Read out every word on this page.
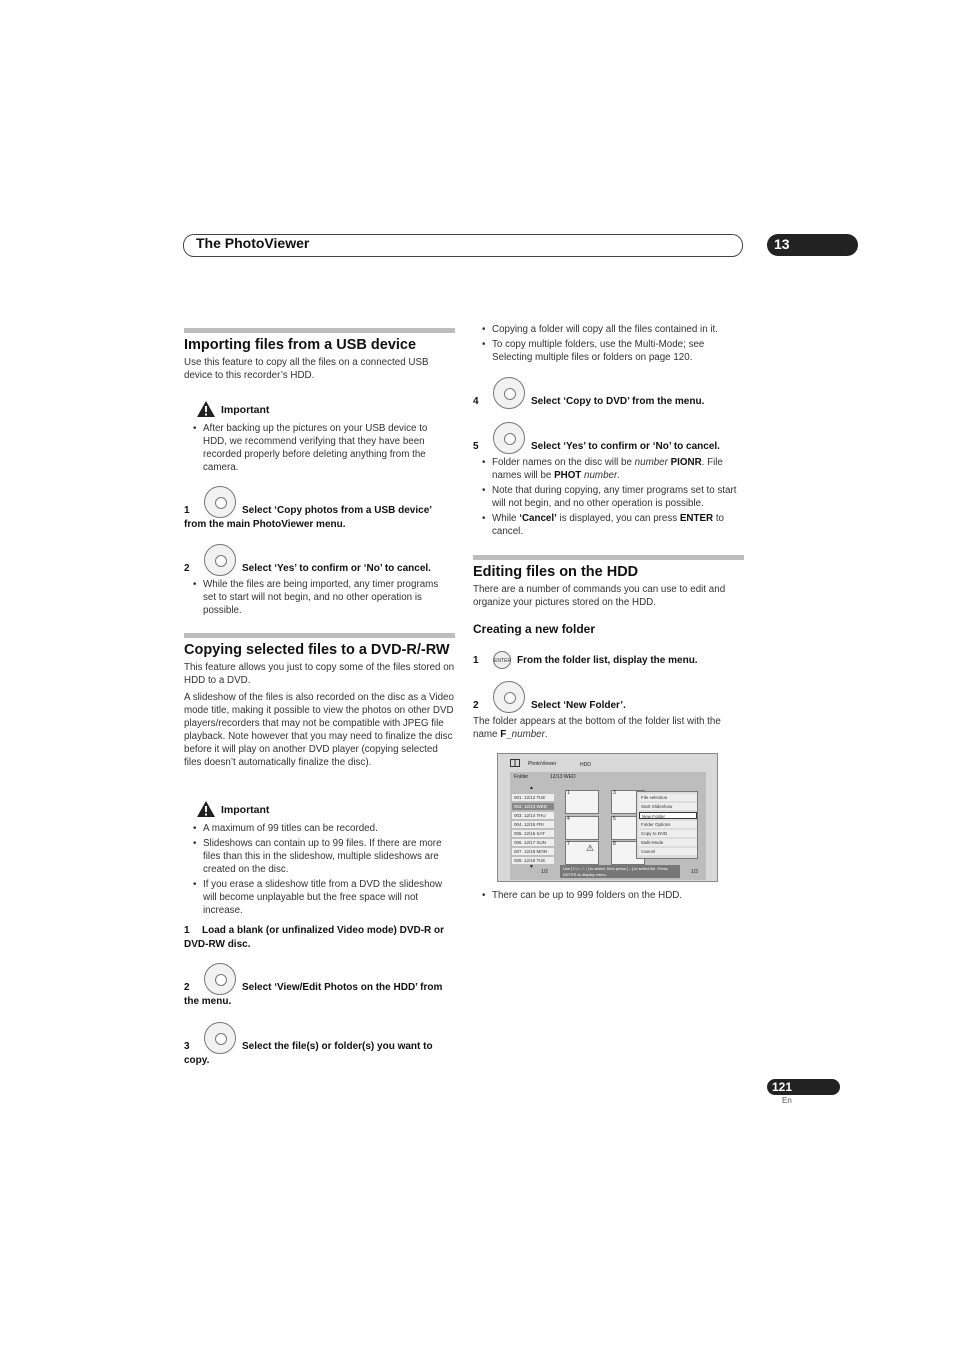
The PhotoViewer	13
Importing files from a USB device
Use this feature to copy all the files on a connected USB device to this recorder’s HDD.
Important
• After backing up the pictures on your USB device to HDD, we recommend verifying that they have been recorded properly before deleting anything from the camera.
1	Select ‘Copy photos from a USB device’ from the main PhotoViewer menu.
2	Select ‘Yes’ to confirm or ‘No’ to cancel.
• While the files are being imported, any timer programs set to start will not begin, and no other operation is possible.
Copying selected files to a DVD-R/-RW
This feature allows you just to copy some of the files stored on HDD to a DVD.
A slideshow of the files is also recorded on the disc as a Video mode title, making it possible to view the photos on other DVD players/recorders that may not be compatible with JPEG file playback. Note however that you may need to finalize the disc before it will play on another DVD player (copying selected files doesn’t automatically finalize the disc).
Important
• A maximum of 99 titles can be recorded.
• Slideshows can contain up to 99 files. If there are more files than this in the slideshow, multiple slideshows are created on the disc.
• If you erase a slideshow title from a DVD the slideshow will become unplayable but the free space will not increase.
1 Load a blank (or unfinalized Video mode) DVD-R or DVD-RW disc.
2	Select ‘View/Edit Photos on the HDD’ from the menu.
3	Select the file(s) or folder(s) you want to copy.
• Copying a folder will copy all the files contained in it.
• To copy multiple folders, use the Multi-Mode; see Selecting multiple files or folders on page 120.
4	Select ‘Copy to DVD’ from the menu.
5	Select ‘Yes’ to confirm or ‘No’ to cancel.
• Folder names on the disc will be number PIONR. File names will be PHOT number.
• Note that during copying, any timer programs set to start will not begin, and no other operation is possible.
• While ‘Cancel’ is displayed, you can press ENTER to cancel.
Editing files on the HDD
There are a number of commands you can use to edit and organize your pictures stored on the HDD.
Creating a new folder
ENTER
1	From the folder list, display the menu.
2	Select ‘New Folder’.
The folder appears at the bottom of the folder list with the name F_number.
PhotoViewer	HDD
Folder	12/13 WED
▲
001. 12/12 TUE
002. 12/13 WED
003. 12/14 THU
004. 12/15 FRI
005. 12/16 SAT
006. 12/17 SUN
007. 12/18 MON
008. 12/19 TUE
▼
1/2
1	3
4	5
7 ⚠	8
File selection
Start Slideshow
New Folder
Folder Options
Copy to DVD
Multi-Mode
Cancel
Use [↑/↓/←/→] to select, then press [→] to select file. Press ENTER to display menu.	1/3
• There can be up to 999 folders on the HDD.
121
En
